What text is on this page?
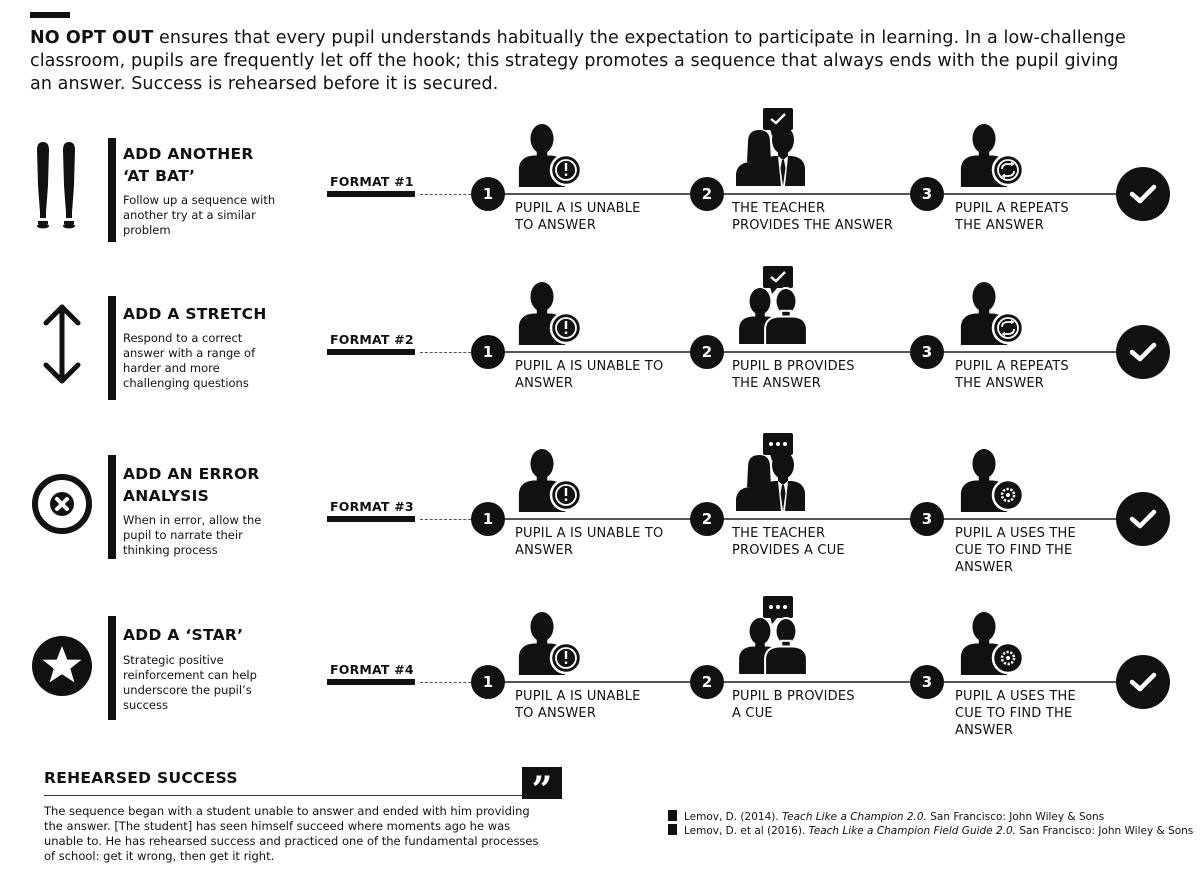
NO OPT OUT ensures that every pupil understands habitually the expectation to participate in learning. In a low-challenge classroom, pupils are frequently let off the hook; this strategy promotes a sequence that always ends with the pupil giving an answer. Success is rehearsed before it is secured.

ADD ANOTHER
‘AT BAT’
Follow up a sequence with another try at a similar problem
ADD A STRETCH
Respond to a correct answer with a range of harder and more challenging questions
ADD AN ERROR
ANALYSIS
When in error, allow the pupil to narrate their thinking process
ADD A ‘STAR’
Strategic positive reinforcement can help underscore the pupil’s success
FORMAT #1
1
PUPIL A IS UNABLE
TO ANSWER
2
THE TEACHER
PROVIDES THE ANSWER
3
PUPIL A REPEATS
THE ANSWER
FORMAT #2
1
PUPIL A IS UNABLE TO
ANSWER
2
PUPIL B PROVIDES
THE ANSWER
3
PUPIL A REPEATS
THE ANSWER
FORMAT #3
1
PUPIL A IS UNABLE TO
ANSWER
2
THE TEACHER
PROVIDES A CUE
3
PUPIL A USES THE
CUE TO FIND THE
ANSWER
FORMAT #4
1
PUPIL A IS UNABLE
TO ANSWER
2
PUPIL B PROVIDES
A CUE
3
PUPIL A USES THE
CUE TO FIND THE
ANSWER
REHEARSED SUCCESS	”

The sequence began with a student unable to answer and ended with him providing the answer. [The student] has seen himself succeed where moments ago he was unable to. He has rehearsed success and practiced one of the fundamental processes of school: get it wrong, then get it right.

Lemov, D. (2014). Teach Like a Champion 2.0. San Francisco: John Wiley & Sons
Lemov, D. et al (2016). Teach Like a Champion Field Guide 2.0. San Francisco: John Wiley & Sons
